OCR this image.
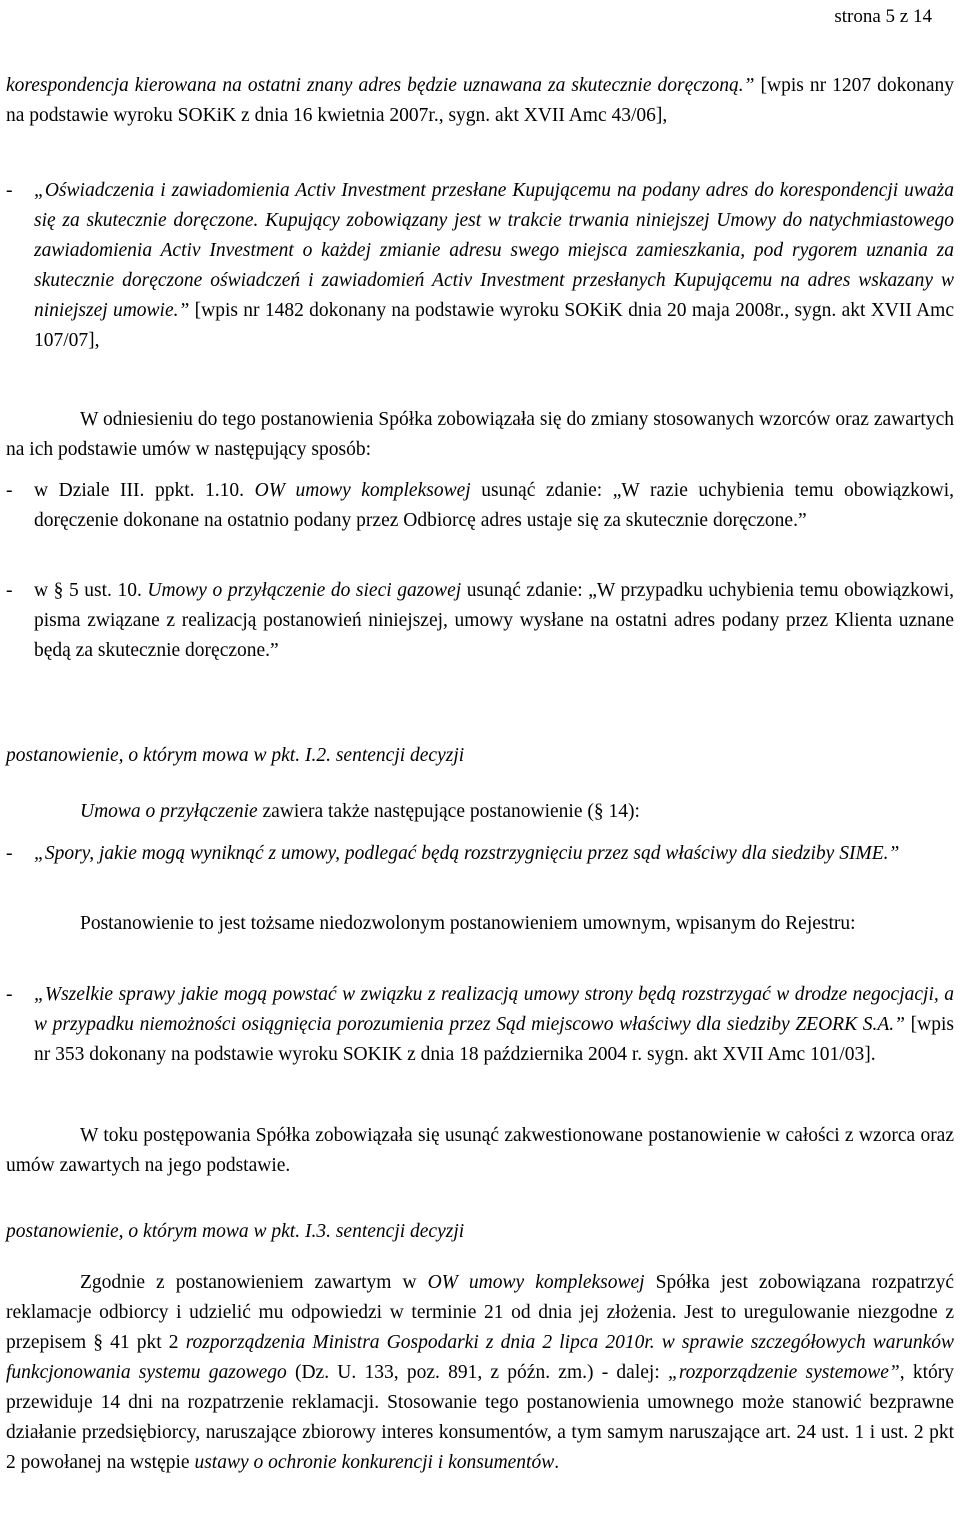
strona 5 z 14
korespondencja kierowana na ostatni znany adres będzie uznawana za skutecznie doręczoną.” [wpis nr 1207 dokonany na podstawie wyroku SOKiK z dnia 16 kwietnia 2007r., sygn. akt XVII Amc 43/06],
-	„Oświadczenia i zawiadomienia Activ Investment przesłane Kupującemu na podany adres do korespondencji uważa się za skutecznie doręczone. Kupujący zobowiązany jest w trakcie trwania niniejszej Umowy do natychmiastowego zawiadomienia Activ Investment o każdej zmianie adresu swego miejsca zamieszkania, pod rygorem uznania za skutecznie doręczone oświadczeń i zawiadomień Activ Investment przesłanych Kupującemu na adres wskazany w niniejszej umowie.” [wpis nr 1482 dokonany na podstawie wyroku SOKiK dnia 20 maja 2008r., sygn. akt XVII Amc 107/07],
W odniesieniu do tego postanowienia Spółka zobowiązała się do zmiany stosowanych wzorców oraz zawartych na ich podstawie umów w następujący sposób:
-	w Dziale III. ppkt. 1.10. OW umowy kompleksowej usunąć zdanie: „W razie uchybienia temu obowiązkowi, doręczenie dokonane na ostatnio podany przez Odbiorcę adres ustaje się za skutecznie doręczone.”
-	w § 5 ust. 10. Umowy o przyłączenie do sieci gazowej usunąć zdanie: „W przypadku uchybienia temu obowiązkowi, pisma związane z realizacją postanowień niniejszej, umowy wysłane na ostatni adres podany przez Klienta uznane będą za skutecznie doręczone.”
postanowienie, o którym mowa w pkt. I.2. sentencji decyzji
Umowa o przyłączenie zawiera także następujące postanowienie (§ 14):
-	„Spory, jakie mogą wyniknąć z umowy, podlegać będą rozstrzygnięciu przez sąd właściwy dla siedziby SIME.”
Postanowienie to jest tożsame niedozwolonym postanowieniem umownym, wpisanym do Rejestru:
-	„Wszelkie sprawy jakie mogą powstać w związku z realizacją umowy strony będą rozstrzygać w drodze negocjacji, a w przypadku niemożności osiągnięcia porozumienia przez Sąd miejscowo właściwy dla siedziby ZEORK S.A.” [wpis nr 353 dokonany na podstawie wyroku SOKIK z dnia 18 października 2004 r. sygn. akt XVII Amc 101/03].
W toku postępowania Spółka zobowiązała się usunąć zakwestionowane postanowienie w całości z wzorca oraz umów zawartych na jego podstawie.
postanowienie, o którym mowa w pkt. I.3. sentencji decyzji
Zgodnie z postanowieniem zawartym w OW umowy kompleksowej Spółka jest zobowiązana rozpatrzyć reklamacje odbiorcy i udzielić mu odpowiedzi w terminie 21 od dnia jej złożenia. Jest to uregulowanie niezgodne z przepisem § 41 pkt 2 rozporządzenia Ministra Gospodarki z dnia 2 lipca 2010r. w sprawie szczegółowych warunków funkcjonowania systemu gazowego (Dz. U. 133, poz. 891, z późn. zm.) - dalej: „rozporządzenie systemowe”, który przewiduje 14 dni na rozpatrzenie reklamacji. Stosowanie tego postanowienia umownego może stanowić bezprawne działanie przedsiębiorcy, naruszające zbiorowy interes konsumentów, a tym samym naruszające art. 24 ust. 1 i ust. 2 pkt 2 powołanej na wstępie ustawy o ochronie konkurencji i konsumentów.
